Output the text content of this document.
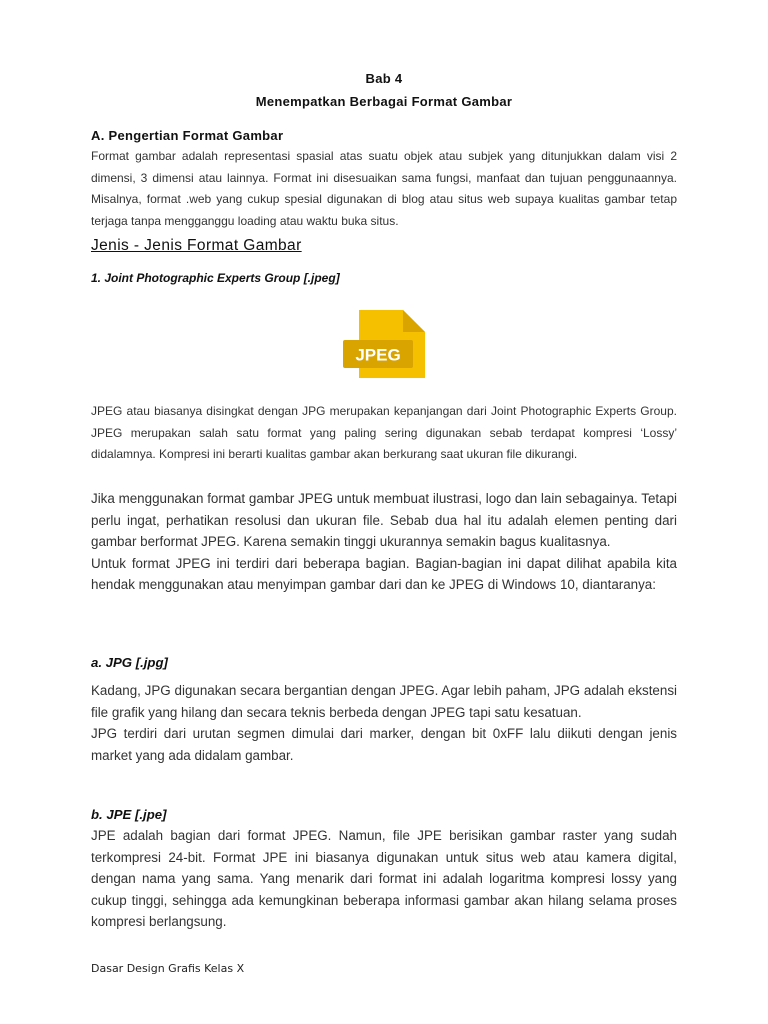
Bab 4
Menempatkan Berbagai Format Gambar
A. Pengertian Format Gambar

Format gambar adalah representasi spasial atas suatu objek atau subjek yang ditunjukkan dalam visi 2 dimensi, 3 dimensi atau lainnya. Format ini disesuaikan sama fungsi, manfaat dan tujuan penggunaannya. Misalnya, format .web yang cukup spesial digunakan di blog atau situs web supaya kualitas gambar tetap terjaga tanpa mengganggu loading atau waktu buka situs.

Jenis - Jenis Format Gambar
1. Joint Photographic Experts Group [.jpeg]
JPEG

JPEG atau biasanya disingkat dengan JPG merupakan kepanjangan dari Joint Photographic Experts Group. JPEG merupakan salah satu format yang paling sering digunakan sebab terdapat kompresi ‘Lossy’ didalamnya. Kompresi ini berarti kualitas gambar akan berkurang saat ukuran file dikurangi.

Jika menggunakan format gambar JPEG untuk membuat ilustrasi, logo dan lain sebagainya. Tetapi perlu ingat, perhatikan resolusi dan ukuran file. Sebab dua hal itu adalah elemen penting dari gambar berformat JPEG. Karena semakin tinggi ukurannya semakin bagus kualitasnya.

Untuk format JPEG ini terdiri dari beberapa bagian. Bagian-bagian ini dapat dilihat apabila kita hendak menggunakan atau menyimpan gambar dari dan ke JPEG di Windows 10, diantaranya:

a. JPG [.jpg]

Kadang, JPG digunakan secara bergantian dengan JPEG. Agar lebih paham, JPG adalah ekstensi file grafik yang hilang dan secara teknis berbeda dengan JPEG tapi satu kesatuan.

JPG terdiri dari urutan segmen dimulai dari marker, dengan bit 0xFF lalu diikuti dengan jenis market yang ada didalam gambar.

b. JPE [.jpe]

JPE adalah bagian dari format JPEG. Namun, file JPE berisikan gambar raster yang sudah terkompresi 24-bit. Format JPE ini biasanya digunakan untuk situs web atau kamera digital, dengan nama yang sama. Yang menarik dari format ini adalah logaritma kompresi lossy yang cukup tinggi, sehingga ada kemungkinan beberapa informasi gambar akan hilang selama proses kompresi berlangsung.

Dasar Design Grafis Kelas X
